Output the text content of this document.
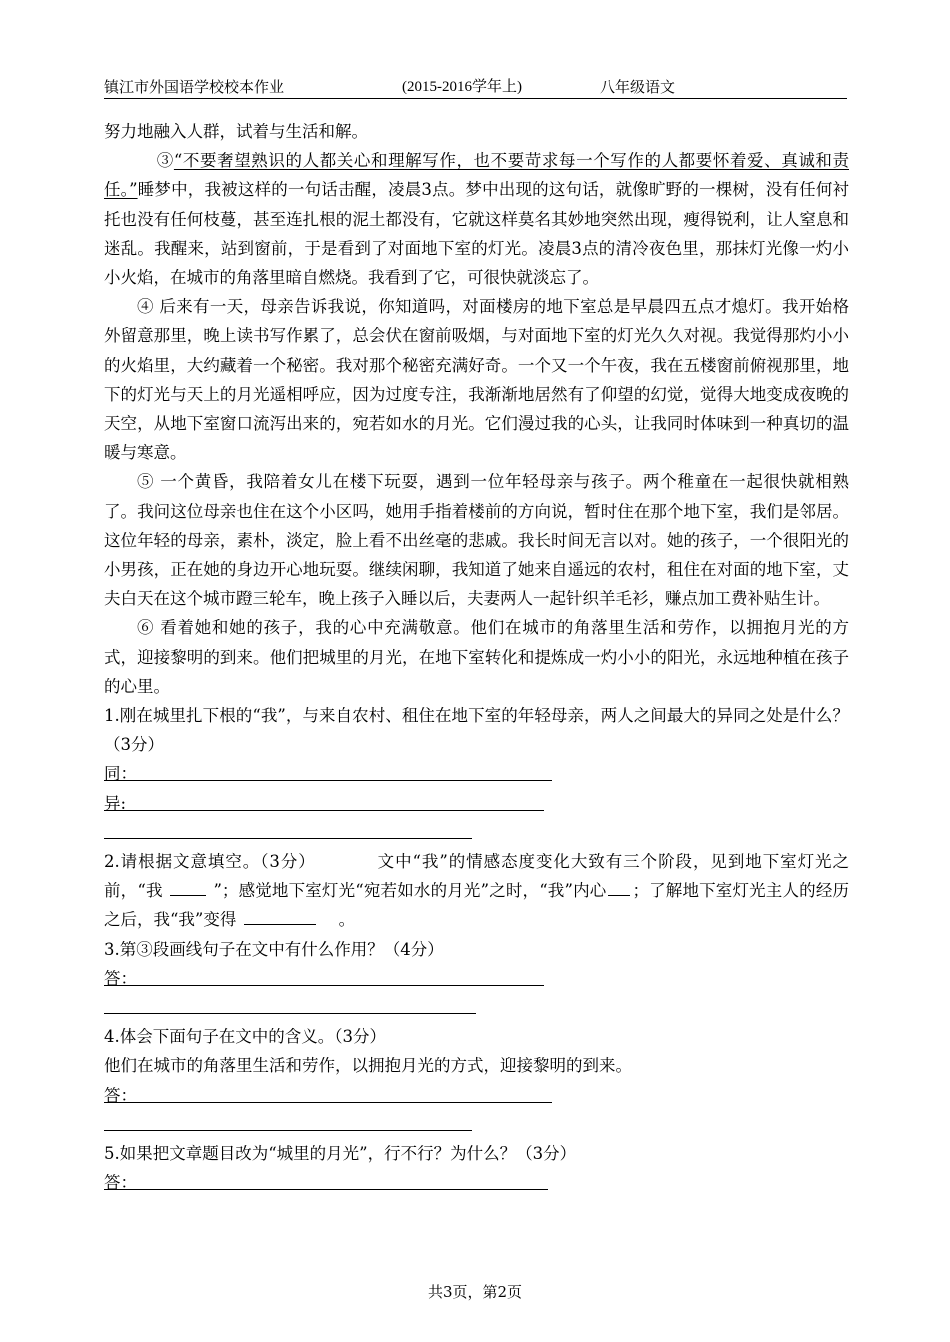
镇江市外国语学校校本作业	(2015-2016学年上)	八年级语文

努力地融入人群，试着与生活和解。

③“不要奢望熟识的人都关心和理解写作，也不要苛求每一个写作的人都要怀着爱、真诚和责任。”睡梦中，我被这样的一句话击醒，凌晨3点。梦中出现的这句话，就像旷野的一棵树，没有任何衬托也没有任何枝蔓，甚至连扎根的泥土都没有，它就这样莫名其妙地突然出现，瘦得锐利，让人窒息和迷乱。我醒来，站到窗前，于是看到了对面地下室的灯光。凌晨3点的清冷夜色里，那抹灯光像一灼小小火焰，在城市的角落里暗自燃烧。我看到了它，可很快就淡忘了。

④ 后来有一天，母亲告诉我说，你知道吗，对面楼房的地下室总是早晨四五点才熄灯。我开始格外留意那里，晚上读书写作累了，总会伏在窗前吸烟，与对面地下室的灯光久久对视。我觉得那灼小小的火焰里，大约藏着一个秘密。我对那个秘密充满好奇。一个又一个午夜，我在五楼窗前俯视那里，地下的灯光与天上的月光遥相呼应，因为过度专注，我渐渐地居然有了仰望的幻觉，觉得大地变成夜晚的天空，从地下室窗口流泻出来的，宛若如水的月光。它们漫过我的心头，让我同时体味到一种真切的温暖与寒意。

⑤ 一个黄昏，我陪着女儿在楼下玩耍，遇到一位年轻母亲与孩子。两个稚童在一起很快就相熟了。我问这位母亲也住在这个小区吗，她用手指着楼前的方向说，暂时住在那个地下室，我们是邻居。这位年轻的母亲，素朴，淡定，脸上看不出丝毫的悲戚。我长时间无言以对。她的孩子，一个很阳光的小男孩，正在她的身边开心地玩耍。继续闲聊，我知道了她来自遥远的农村，租住在对面的地下室，丈夫白天在这个城市蹬三轮车，晚上孩子入睡以后，夫妻两人一起针织羊毛衫，赚点加工费补贴生计。

⑥ 看着她和她的孩子，我的心中充满敬意。他们在城市的角落里生活和劳作，以拥抱月光的方式，迎接黎明的到来。他们把城里的月光，在地下室转化和提炼成一灼小小的阳光，永远地种植在孩子的心里。

1.刚在城里扎下根的“我”，与来自农村、租住在地下室的年轻母亲，两人之间最大的异同之处是什么？（3分）

同：
异:

2.请根据文意填空。（3分）	文中“我”的情感态度变化大致有三个阶段，见到地下室灯光之前，“我	”；感觉地下室灯光“宛若如水的月光”之时，“我”内心 ；了解地下室灯光主人的经历之后，我“我”变得	。

3.第③段画线句子在文中有什么作用？（4分）

答：

4.体会下面句子在文中的含义。（3分）

他们在城市的角落里生活和劳作，以拥抱月光的方式，迎接黎明的到来。

答：

5.如果把文章题目改为“城里的月光”，行不行？为什么？（3分）

答：
共3页，第2页
